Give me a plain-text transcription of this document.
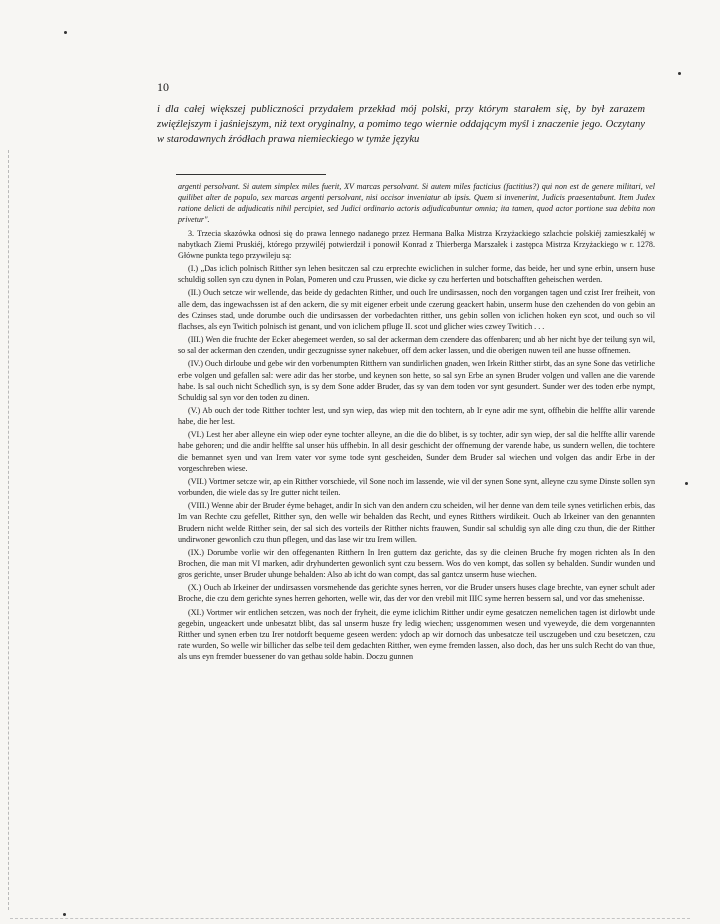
10
i dla całej większej publiczności przydałem przekład mój polski, przy którym starałem się, by był zarazem zwięźlejszym i jaśniejszym, niż text oryginalny, a pomimo tego wiernie oddającym myśl i znaczenie jego. Oczytany w starodawnych źródłach prawa niemieckiego w tymże języku

argenti persolvant. Si autem simplex miles fuerit, XV marcas persolvant. Si autem miles facticius (factitius?) qui non est de genere militari, vel quilibet alter de populo, sex marcas argenti persolvant, nisi occisor inveniatur ab ipsis. Quem si invenerint, Judicis praesentabunt. Item Judex ratione delicti de adjudicatis nihil percipiet, sed Judici ordinario actoris adjudicabuntur omnia; ita tamen, quod actor portione sua debita non privetur".

3. Trzecia skazówka odnosi się do prawa lennego nadanego przez Hermana Balka Mistrza Krzyżackiego szlachcie polskiéj zamieszkałéj w nabytkach Ziemi Pruskiéj, którego przywiléj potwierdził i ponowił Konrad z Thierberga Marszałek i zastępca Mistrza Krzyżackiego w r. 1278. Główne punkta tego przywileju są:

(I.) „Das iclich polnisch Ritther syn lehen besitczen sal czu erprechte ewiclichen in sulcher forme, das beide, her und syne erbin, unsern huse schuldig sollen syn czu dynen in Polan, Pomeren und czu Prussen, wie dicke sy czu herferten und botschafften geheischen werden.

(II.) Ouch setcze wir wellende, das beide dy gedachten Ritther, und ouch Ire undirsassen, noch den vorgangen tagen und czist Irer freiheit, von alle dem, das ingewachssen ist af den ackern, die sy mit eigener erbeit unde czerung geackert habin, unserm huse den czehenden do von gebin an des Czinses stad, unde dorumbe ouch die undirsassen der vorbedachten ritther, uns gebin sollen von iclichen hoken eyn scot, und ouch so vil flachses, als eyn Twitich polnisch ist genant, und von iclichem pfluge II. scot und glicher wies czwey Twitich . . .

(III.) Wen die fruchte der Ecker abegemeet werden, so sal der ackerman dem czendere das offenbaren; und ab her nicht bye der teilung syn wil, so sal der ackerman den czenden, undir geczugnisse syner nakebuer, off dem acker lassen, und die oberigen nuwen teil ane husse offnemen.

(IV.) Ouch dirloube und gebe wir den vorbenumpten Ritthern van sundirlichen gnaden, wen Irkein Ritther stirbt, das an syne Sone das vetirliche erbe volgen und gefallen sal: were adir das her storbe, und keynen son hette, so sal syn Erbe an synen Bruder volgen und vallen ane die varende habe. Is sal ouch nicht Schedlich syn, is sy dem Sone adder Bruder, das sy van dem toden vor synt gesundert. Sunder wer des toden erbe nympt, Schuldig sal syn vor den toden zu dinen.

(V.) Ab ouch der tode Ritther tochter lest, und syn wiep, das wiep mit den tochtern, ab Ir eyne adir me synt, offhebin die helffte allir varende habe, die her lest.

(VI.) Lest her aber alleyne ein wiep oder eyne tochter alleyne, an die die do blibet, is sy tochter, adir syn wiep, der sal die helffte allir varende habe gehoren; und die andir helffte sal unser hüs uffhebin. In all desir geschicht der offnemung der varende habe, us sundern wellen, die tochtere die bemannet syen und van Irem vater vor syme tode synt gescheiden, Sunder dem Bruder sal wiechen und volgen das andir Erbe in der vorgeschreben wiese.

(VII.) Vortmer setcze wir, ap ein Ritther vorschiede, vil Sone noch im lassende, wie vil der synen Sone synt, alleyne czu syme Dinste sollen syn vorbunden, die wiele das sy Ire gutter nicht teilen.

(VIII.) Wenne abir der Bruder éyme behaget, andir In sich van den andern czu scheiden, wil her denne van dem teile synes vetirlichen erbis, das Im van Rechte czu gefellet, Ritther syn, den welle wir behalden das Recht, und eynes Ritthers wirdikeit. Ouch ab Irkeiner van den genannten Brudern nicht welde Ritther sein, der sal sich des vorteils der Ritther nichts frauwen, Sundir sal schuldig syn alle ding czu thun, die der Ritther undirwoner gewonlich czu thun pflegen, und das lase wir tzu Irem willen.

(IX.) Dorumbe vorlie wir den offegenanten Ritthern In Iren guttern daz gerichte, das sy die cleinen Bruche fry mogen richten als In den Brochen, die man mit VI marken, adir dryhunderten gewonlich synt czu bessern. Wos do ven kompt, das sollen sy behalden. Sundir wunden und gros gerichte, unser Bruder uhunge behalden: Also ab icht do wan compt, das sal gantcz unserm huse wiechen.

(X.) Ouch ab Irkeiner der undirsassen vorsmehende das gerichte synes herren, vor die Bruder unsers huses clage brechte, van eyner schult ader Broche, die czu dem gerichte synes herren gehorten, welle wir, das der vor den vrebil mit IIIC syme herren bessern sal, und vor das smehenisse.

(XI.) Vortmer wir entlichen setczen, was noch der fryheit, die eyme iclichim Ritther undir eyme gesatczen nemelichen tagen ist dirlowbt unde gegebin, ungeackert unde unbesatzt blibt, das sal unserm husze fry ledig wiechen; ussgenommen wesen und vyeweyde, die dem vorgenannten Ritther und synen erben tzu Irer notdorft bequeme geseen werden: ydoch ap wir dornoch das unbesatcze teil usczugeben und czu besetczen, czu rate wurden, So welle wir billicher das selbe teil dem gedachten Ritther, wen eyme fremden lassen, also doch, das her uns sulch Recht do van thue, als uns eyn fremder buessener do van gethau solde habin. Doczu gunnen
